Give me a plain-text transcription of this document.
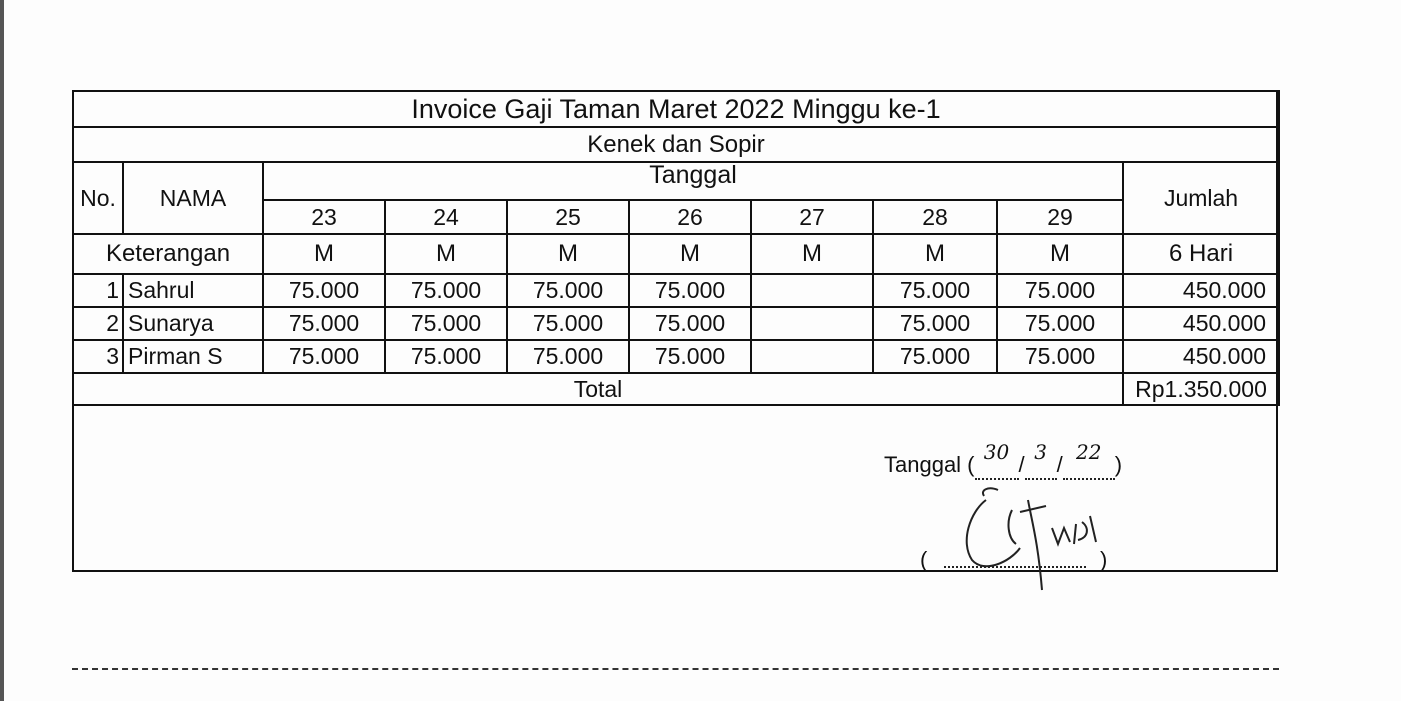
Invoice Gaji Taman Maret 2022 Minggu ke-1									
Kenek dan Sopir									
No.	NAMA	Tanggal							Jumlah
		23	24	25	26	27	28	29	
Keterangan		M	M	M	M	M	M	M	6 Hari
1	Sahrul	75.000	75.000	75.000	75.000		75.000	75.000	450.000
2	Sunarya	75.000	75.000	75.000	75.000		75.000	75.000	450.000
3	Pirman S	75.000	75.000	75.000	75.000		75.000	75.000	450.000
Total									Rp1.350.000
Tanggal ( 30 / 3 / 22 )
(	)
